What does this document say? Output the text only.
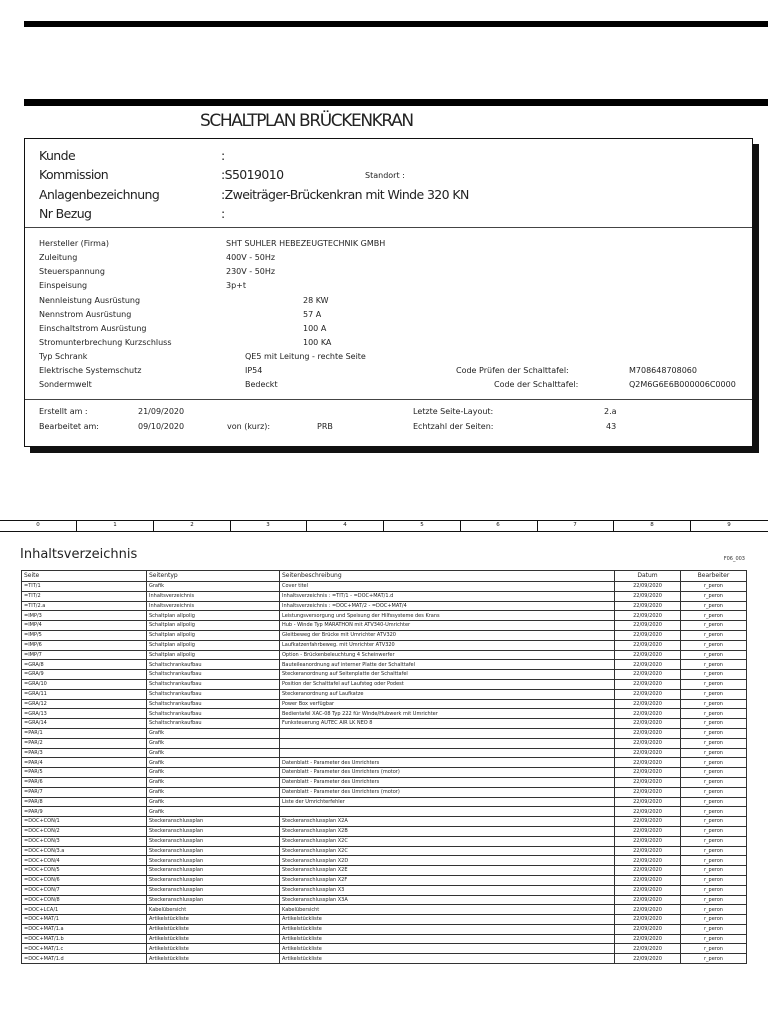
SCHALTPLAN BRÜCKENKRAN
Kunde	:
Kommission	:S5019010	Standort :
Anlagenbezeichnung	:Zweiträger-Brückenkran mit Winde 320 KN
Nr Bezug	:
Hersteller (Firma)	SHT SUHLER HEBEZEUGTECHNIK GMBH
Zuleitung	400V - 50Hz
Steuerspannung	230V - 50Hz
Einspeisung	3p+t
Nennleistung Ausrüstung	28 KW
Nennstrom Ausrüstung	57 A
Einschaltstrom Ausrüstung	100 A
Stromunterbrechung Kurzschluss	100 KA
Typ Schrank	QE5 mit Leitung - rechte Seite
Elektrische Systemschutz	IP54	Code Prüfen der Schalttafel:	M708648708060
Sondermwelt	Bedeckt	Code der Schalttafel:	Q2M6G6E6B000006C0000
Erstellt am :	21/09/2020	Letzte Seite-Layout:	2.a
Bearbeitet am:	09/10/2020	von (kurz):	PRB	Echtzahl der Seiten:	43
0	1	2	3	4	5	6	7	8	9
Inhaltsverzeichnis	F06_003
Seite	Seitentyp	Seitenbeschreibung	Datum	Bearbeiter
=TIT/1	Grafik	Cover titel	22/09/2020	r_peron
=TIT/2	Inhaltsverzeichnis	Inhaltsverzeichnis : =TIT/1 - =DOC+MAT/1.d	22/09/2020	r_peron
=TIT/2.a	Inhaltsverzeichnis	Inhaltsverzeichnis : =DOC+MAT/2 - =DOC+MAT/4	22/09/2020	r_peron
=IMP/3	Schaltplan allpolig	Leistungsversorgung und Speisung der Hilfssysteme des Krans	22/09/2020	r_peron
=IMP/4	Schaltplan allpolig	Hub - Winde Typ MARATHON mit ATV340-Umrichter	22/09/2020	r_peron
=IMP/5	Schaltplan allpolig	Gleitbeweg der Brücke mit Umrichter ATV320	22/09/2020	r_peron
=IMP/6	Schaltplan allpolig	Laufkatzenfahrbeweg. mit Umrichter ATV320	22/09/2020	r_peron
=IMP/7	Schaltplan allpolig	Option - Brückenbeleuchtung 4 Scheinwerfer	22/09/2020	r_peron
=GRA/8	Schaltschrankaufbau	Bauteileanordnung auf interner Platte der Schalttafel	22/09/2020	r_peron
=GRA/9	Schaltschrankaufbau	Steckeranordnung auf Seitenplatte der Schalttafel	22/09/2020	r_peron
=GRA/10	Schaltschrankaufbau	Position der Schalttafel auf Laufsteg oder Podest	22/09/2020	r_peron
=GRA/11	Schaltschrankaufbau	Steckeranordnung auf Laufkatze	22/09/2020	r_peron
=GRA/12	Schaltschrankaufbau	Power Box verfügbar	22/09/2020	r_peron
=GRA/13	Schaltschrankaufbau	Bedientafel XAC-08 Typ 222 für Winde/Hubwerk mit Umrichter	22/09/2020	r_peron
=GRA/14	Schaltschrankaufbau	Funksteuerung AUTEC AIR LK NEO 8	22/09/2020	r_peron
=PAR/1	Grafik		22/09/2020	r_peron
=PAR/2	Grafik		22/09/2020	r_peron
=PAR/3	Grafik		22/09/2020	r_peron
=PAR/4	Grafik	Datenblatt - Parameter des Umrichters	22/09/2020	r_peron
=PAR/5	Grafik	Datenblatt - Parameter des Umrichters (motor)	22/09/2020	r_peron
=PAR/6	Grafik	Datenblatt - Parameter des Umrichters	22/09/2020	r_peron
=PAR/7	Grafik	Datenblatt - Parameter des Umrichters (motor)	22/09/2020	r_peron
=PAR/8	Grafik	Liste der Umrichterfehler	22/09/2020	r_peron
=PAR/9	Grafik		22/09/2020	r_peron
=DOC+CON/1	Steckeranschlussplan	Steckeranschlussplan X2A	22/09/2020	r_peron
=DOC+CON/2	Steckeranschlussplan	Steckeranschlussplan X2B	22/09/2020	r_peron
=DOC+CON/3	Steckeranschlussplan	Steckeranschlussplan X2C	22/09/2020	r_peron
=DOC+CON/3.a	Steckeranschlussplan	Steckeranschlussplan X2C	22/09/2020	r_peron
=DOC+CON/4	Steckeranschlussplan	Steckeranschlussplan X2D	22/09/2020	r_peron
=DOC+CON/5	Steckeranschlussplan	Steckeranschlussplan X2E	22/09/2020	r_peron
=DOC+CON/6	Steckeranschlussplan	Steckeranschlussplan X2F	22/09/2020	r_peron
=DOC+CON/7	Steckeranschlussplan	Steckeranschlussplan X3	22/09/2020	r_peron
=DOC+CON/8	Steckeranschlussplan	Steckeranschlussplan X3A	22/09/2020	r_peron
=DOC+LCA/1	Kabelübersicht	Kabelübersicht	22/09/2020	r_peron
=DOC+MAT/1	Artikelstückliste	Artikelstückliste	22/09/2020	r_peron
=DOC+MAT/1.a	Artikelstückliste	Artikelstückliste	22/09/2020	r_peron
=DOC+MAT/1.b	Artikelstückliste	Artikelstückliste	22/09/2020	r_peron
=DOC+MAT/1.c	Artikelstückliste	Artikelstückliste	22/09/2020	r_peron
=DOC+MAT/1.d	Artikelstückliste	Artikelstückliste	22/09/2020	r_peron
